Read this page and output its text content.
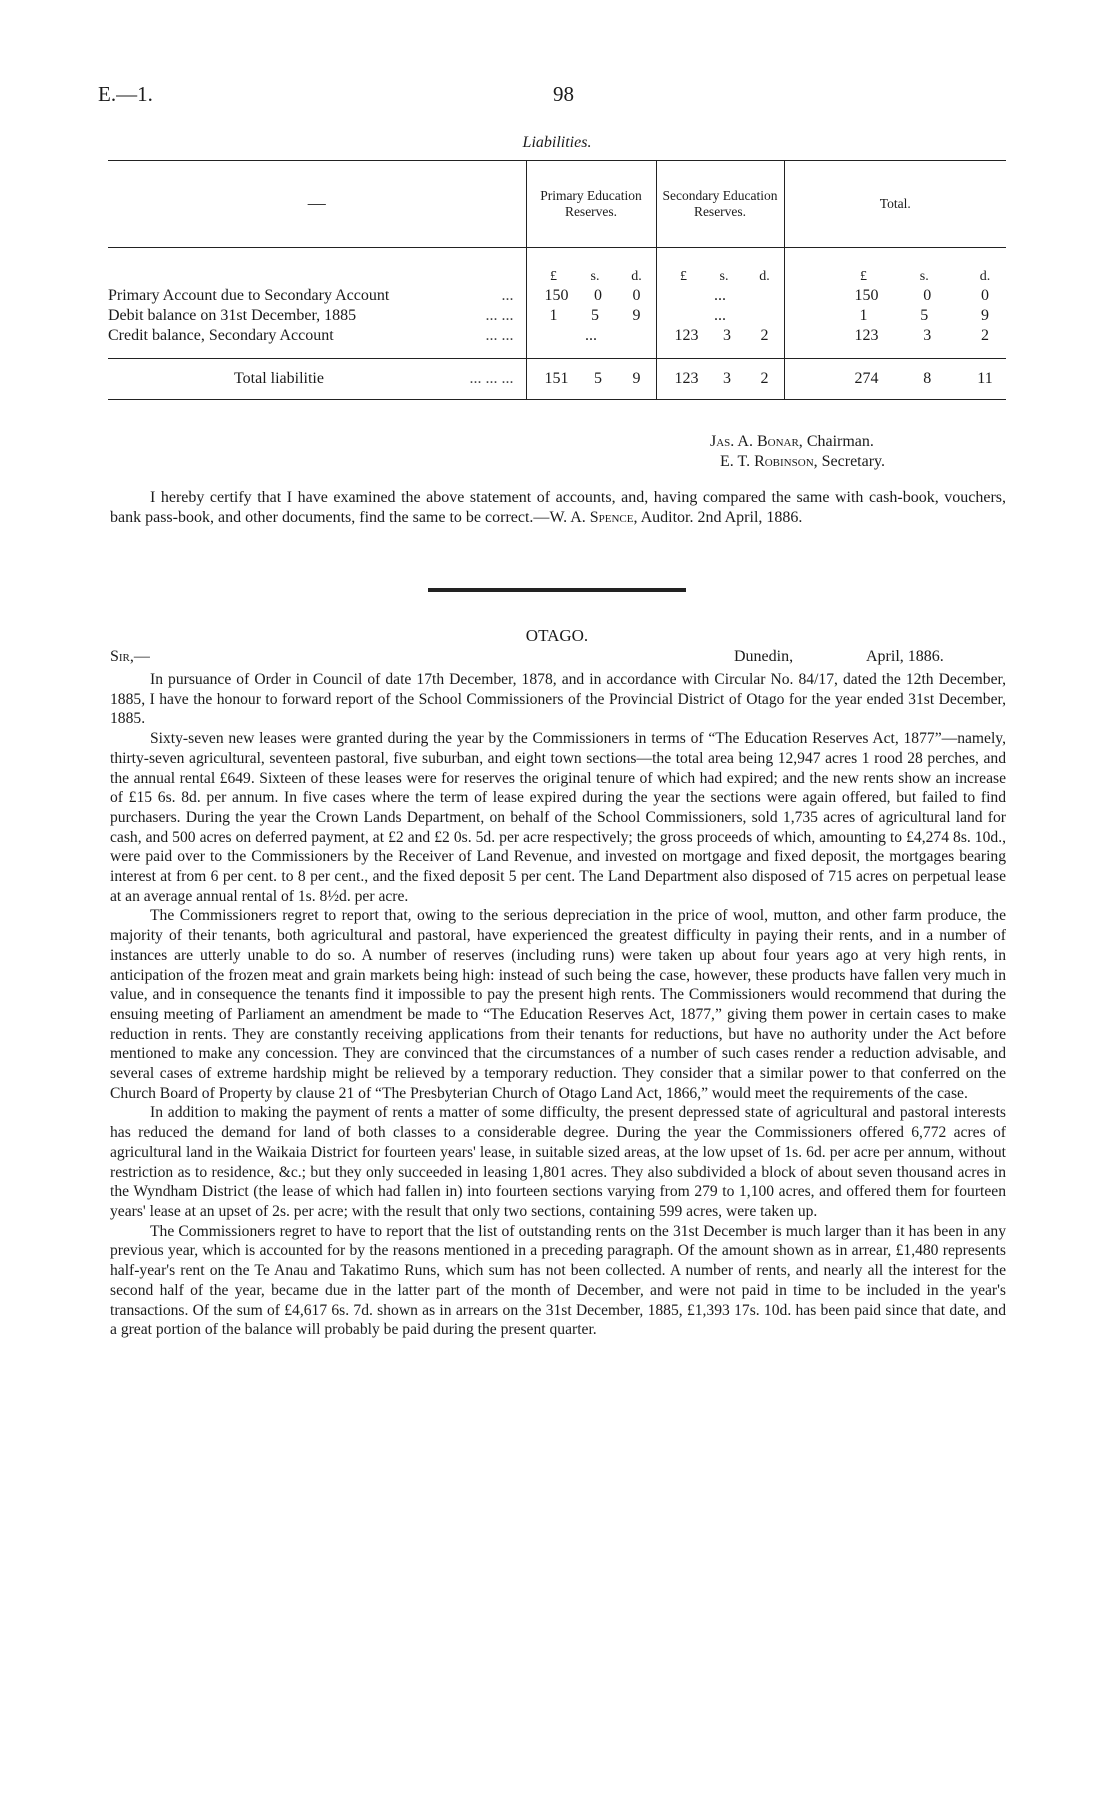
E.—1.	98
Liabilities.
—	Primary Education Reserves.	Secondary Education Reserves.	Total.

	£ s. d.	£ s. d.	£ s. d.

Primary Account due to Secondary Account ...	150 0 0	...	150 0 0

Debit balance on 31st December, 1885 ... ...	1 5 9	...	1 5 9

Credit balance, Secondary Account ... ...	...	123 3 2	123 3 2

Total liabilitie ... ... ...	151 5 9	123 3 2	274 8 11
Jas. A. Bonar, Chairman.
E. T. Robinson, Secretary.

I hereby certify that I have examined the above statement of accounts, and, having compared the same with cash-book, vouchers, bank pass-book, and other documents, find the same to be correct.—W. A. Spence, Auditor. 2nd April, 1886.

OTAGO.
Sir,—	Dunedin,	April, 1886.

In pursuance of Order in Council of date 17th December, 1878, and in accordance with Circular No. 84/17, dated the 12th December, 1885, I have the honour to forward report of the School Commissioners of the Provincial District of Otago for the year ended 31st December, 1885.

Sixty-seven new leases were granted during the year by the Commissioners in terms of “The Education Reserves Act, 1877”—namely, thirty-seven agricultural, seventeen pastoral, five suburban, and eight town sections—the total area being 12,947 acres 1 rood 28 perches, and the annual rental £649. Sixteen of these leases were for reserves the original tenure of which had expired; and the new rents show an increase of £15 6s. 8d. per annum. In five cases where the term of lease expired during the year the sections were again offered, but failed to find purchasers. During the year the Crown Lands Department, on behalf of the School Commissioners, sold 1,735 acres of agricultural land for cash, and 500 acres on deferred payment, at £2 and £2 0s. 5d. per acre respectively; the gross proceeds of which, amounting to £4,274 8s. 10d., were paid over to the Commissioners by the Receiver of Land Revenue, and invested on mortgage and fixed deposit, the mortgages bearing interest at from 6 per cent. to 8 per cent., and the fixed deposit 5 per cent. The Land Department also disposed of 715 acres on perpetual lease at an average annual rental of 1s. 8½d. per acre.

The Commissioners regret to report that, owing to the serious depreciation in the price of wool, mutton, and other farm produce, the majority of their tenants, both agricultural and pastoral, have experienced the greatest difficulty in paying their rents, and in a number of instances are utterly unable to do so. A number of reserves (including runs) were taken up about four years ago at very high rents, in anticipation of the frozen meat and grain markets being high: instead of such being the case, however, these products have fallen very much in value, and in consequence the tenants find it impossible to pay the present high rents. The Commissioners would recommend that during the ensuing meeting of Parliament an amendment be made to “The Education Reserves Act, 1877,” giving them power in certain cases to make reduction in rents. They are constantly receiving applications from their tenants for reductions, but have no authority under the Act before mentioned to make any concession. They are convinced that the circumstances of a number of such cases render a reduction advisable, and several cases of extreme hardship might be relieved by a temporary reduction. They consider that a similar power to that conferred on the Church Board of Property by clause 21 of “The Presbyterian Church of Otago Land Act, 1866,” would meet the requirements of the case.

In addition to making the payment of rents a matter of some difficulty, the present depressed state of agricultural and pastoral interests has reduced the demand for land of both classes to a considerable degree. During the year the Commissioners offered 6,772 acres of agricultural land in the Waikaia District for fourteen years' lease, in suitable sized areas, at the low upset of 1s. 6d. per acre per annum, without restriction as to residence, &c.; but they only succeeded in leasing 1,801 acres. They also subdivided a block of about seven thousand acres in the Wyndham District (the lease of which had fallen in) into fourteen sections varying from 279 to 1,100 acres, and offered them for fourteen years' lease at an upset of 2s. per acre; with the result that only two sections, containing 599 acres, were taken up.

The Commissioners regret to have to report that the list of outstanding rents on the 31st December is much larger than it has been in any previous year, which is accounted for by the reasons mentioned in a preceding paragraph. Of the amount shown as in arrear, £1,480 represents half-year's rent on the Te Anau and Takatimo Runs, which sum has not been collected. A number of rents, and nearly all the interest for the second half of the year, became due in the latter part of the month of December, and were not paid in time to be included in the year's transactions. Of the sum of £4,617 6s. 7d. shown as in arrears on the 31st December, 1885, £1,393 17s. 10d. has been paid since that date, and a great portion of the balance will probably be paid during the present quarter.
